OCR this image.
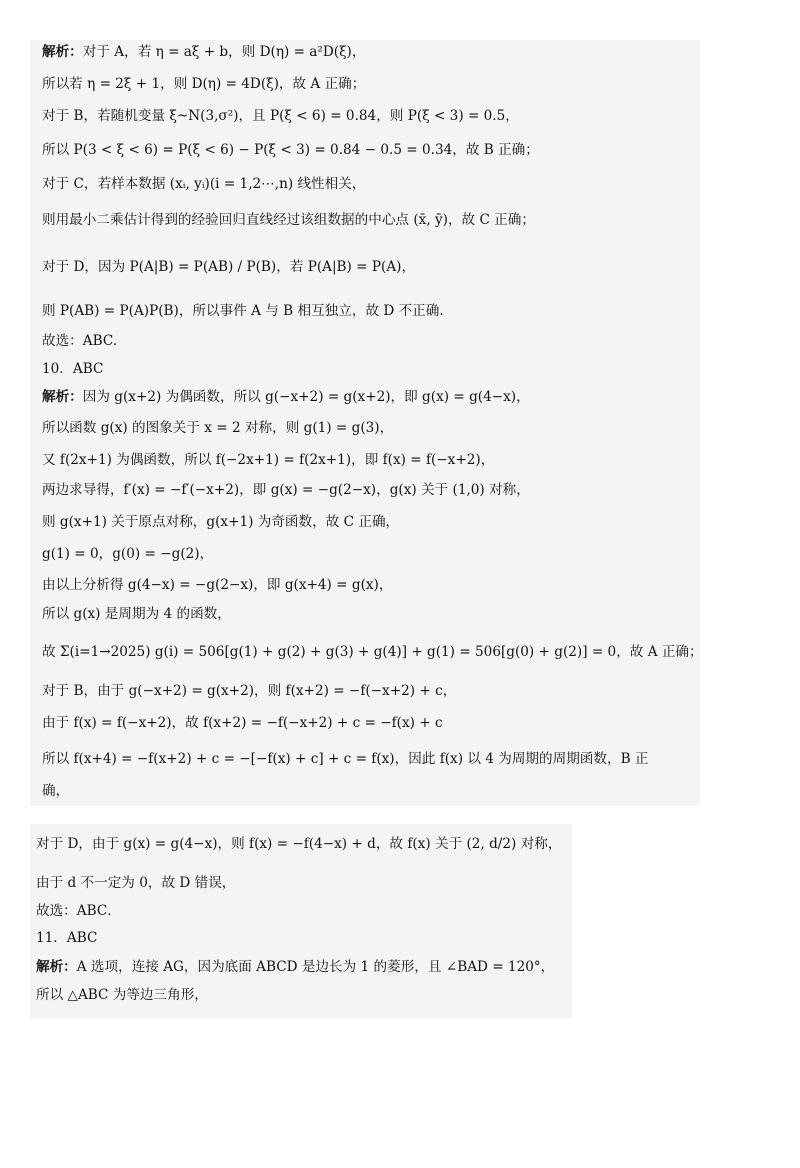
解析：对于 A，若 η = aξ + b，则 D(η) = a²D(ξ)，
所以若 η = 2ξ + 1，则 D(η) = 4D(ξ)，故 A 正确；
对于 B，若随机变量 ξ~N(3,σ²)，且 P(ξ < 6) = 0.84，则 P(ξ < 3) = 0.5，
所以 P(3 < ξ < 6) = P(ξ < 6) − P(ξ < 3) = 0.84 − 0.5 = 0.34，故 B 正确；
对于 C，若样本数据 (xᵢ, yᵢ)(i = 1,2⋯,n) 线性相关，
则用最小二乘估计得到的经验回归直线经过该组数据的中心点 (x̄, ȳ)，故 C 正确；
对于 D，因为 P(A|B) = P(AB) / P(B)，若 P(A|B) = P(A)，
则 P(AB) = P(A)P(B)，所以事件 A 与 B 相互独立，故 D 不正确.
故选：ABC.
10．ABC
解析：因为 g(x+2) 为偶函数，所以 g(−x+2) = g(x+2)，即 g(x) = g(4−x)，
所以函数 g(x) 的图象关于 x = 2 对称，则 g(1) = g(3)，
又 f(2x+1) 为偶函数，所以 f(−2x+1) = f(2x+1)，即 f(x) = f(−x+2)，
两边求导得，f′(x) = −f′(−x+2)，即 g(x) = −g(2−x)，g(x) 关于 (1,0) 对称，
则 g(x+1) 关于原点对称，g(x+1) 为奇函数，故 C 正确，
g(1) = 0，g(0) = −g(2)，
由以上分析得 g(4−x) = −g(2−x)，即 g(x+4) = g(x)，
所以 g(x) 是周期为 4 的函数，
故 Σ(i=1→2025) g(i) = 506[g(1) + g(2) + g(3) + g(4)] + g(1) = 506[g(0) + g(2)] = 0，故 A 正确；
对于 B，由于 g(−x+2) = g(x+2)，则 f(x+2) = −f(−x+2) + c，
由于 f(x) = f(−x+2)，故 f(x+2) = −f(−x+2) + c = −f(x) + c
所以 f(x+4) = −f(x+2) + c = −[−f(x) + c] + c = f(x)，因此 f(x) 以 4 为周期的周期函数，B 正
确，
对于 D，由于 g(x) = g(4−x)，则 f(x) = −f(4−x) + d，故 f(x) 关于 (2, d/2) 对称，
由于 d 不一定为 0，故 D 错误，
故选：ABC．
11．ABC
解析：A 选项，连接 AG，因为底面 ABCD 是边长为 1 的菱形，且 ∠BAD = 120°，
所以 △ABC 为等边三角形，
